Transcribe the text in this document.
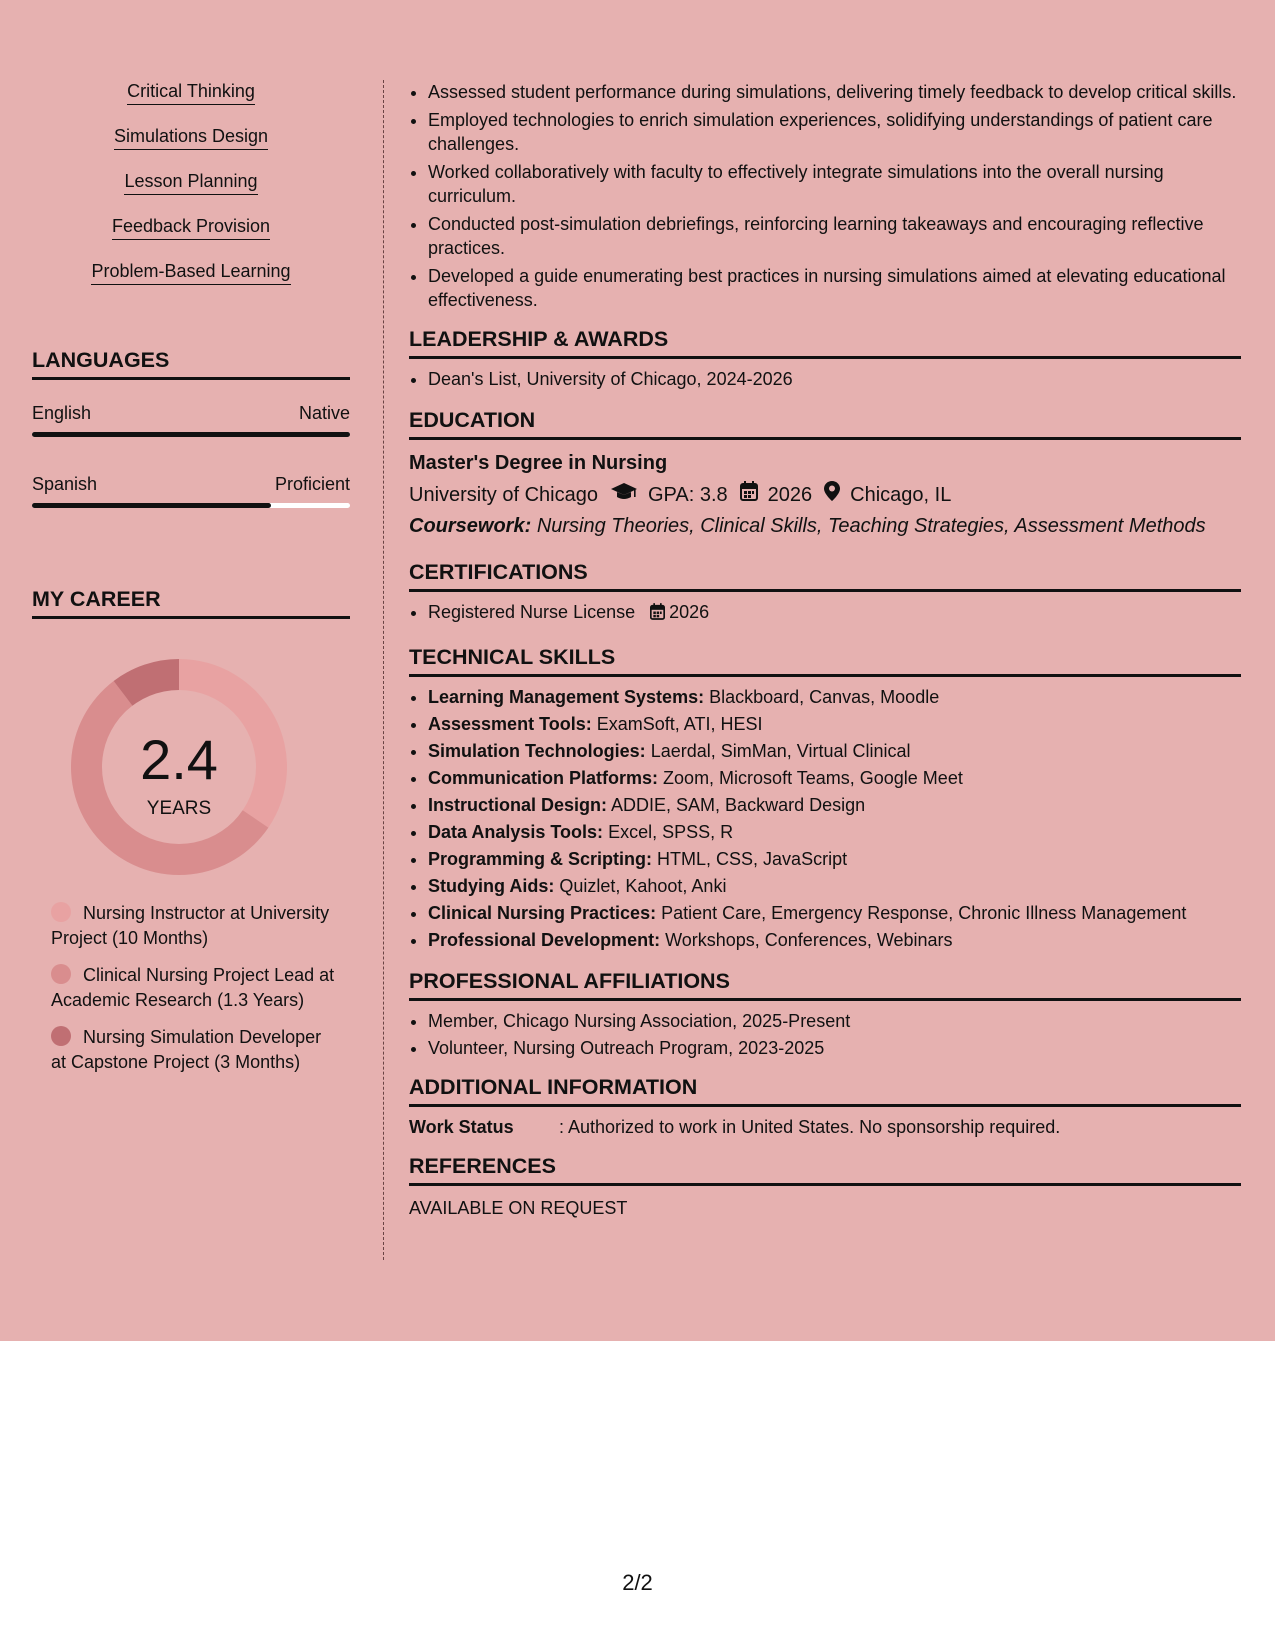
Critical Thinking
Simulations Design
Lesson Planning
Feedback Provision
Problem-Based Learning
LANGUAGES
English	Native
Spanish	Proficient
MY CAREER
2.4
YEARS
Nursing Instructor at University Project (10 Months)
Clinical Nursing Project Lead at Academic Research (1.3 Years)
Nursing Simulation Developer at Capstone Project (3 Months)
• Assessed student performance during simulations, delivering timely feedback to develop critical skills.
• Employed technologies to enrich simulation experiences, solidifying understandings of patient care challenges.
• Worked collaboratively with faculty to effectively integrate simulations into the overall nursing curriculum.
• Conducted post-simulation debriefings, reinforcing learning takeaways and encouraging reflective practices.
• Developed a guide enumerating best practices in nursing simulations aimed at elevating educational effectiveness.
LEADERSHIP & AWARDS
• Dean's List, University of Chicago, 2024-2026
EDUCATION
Master's Degree in Nursing
University of Chicago	GPA: 3.8 2026 Chicago, IL
Coursework: Nursing Theories, Clinical Skills, Teaching Strategies, Assessment Methods
CERTIFICATIONS
• Registered Nurse License 2026
TECHNICAL SKILLS
• Learning Management Systems: Blackboard, Canvas, Moodle
• Assessment Tools: ExamSoft, ATI, HESI
• Simulation Technologies: Laerdal, SimMan, Virtual Clinical
• Communication Platforms: Zoom, Microsoft Teams, Google Meet
• Instructional Design: ADDIE, SAM, Backward Design
• Data Analysis Tools: Excel, SPSS, R
• Programming & Scripting: HTML, CSS, JavaScript
• Studying Aids: Quizlet, Kahoot, Anki
• Clinical Nursing Practices: Patient Care, Emergency Response, Chronic Illness Management
• Professional Development: Workshops, Conferences, Webinars
PROFESSIONAL AFFILIATIONS
• Member, Chicago Nursing Association, 2025-Present
• Volunteer, Nursing Outreach Program, 2023-2025
ADDITIONAL INFORMATION
Work Status	: Authorized to work in United States. No sponsorship required.
REFERENCES
AVAILABLE ON REQUEST
2/2
